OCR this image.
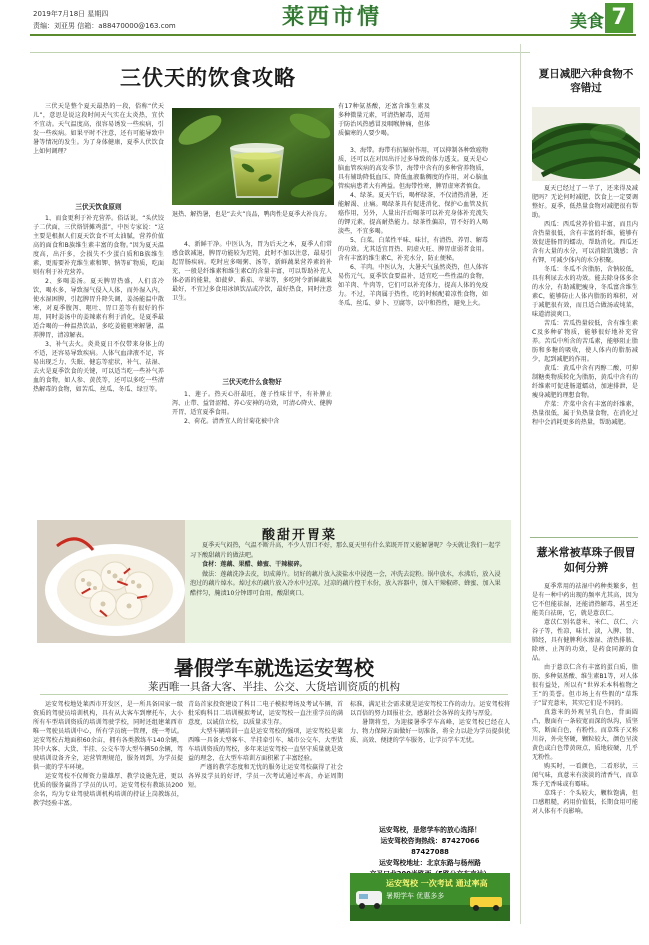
2019年7月18日 星期四
责编：刘亚男 信箱：a88470000@163.com	莱西市情	美食 7
三伏天的饮食攻略

三伏天是整个夏天最热的一段，俗称“伏天儿”，意思是说这段时间天气实在太炎热，宜伏不宜动。天气温度高，很容易诱发一些疾病，引发一些疾病。如果平时不注意，还有可能导致中暑等情况的发生。为了身体健康，夏季人伏饮食上如何调理？

有17种氨基酸，还富含维生素及多种微量元素，可清热解毒，适用于防治风热感冒及咽喉肿痛，但体质偏寒的人要少喝。

三伏天饮食原则

1、而食更利于补充营养。俗话说，“头伏饺子二伏面，三伏烙饼摊鸡蛋”，中医专家说：“这主要是根据人们夏天饮食不可太油腻，营养价值高的面食和B族维生素丰富的食物。”因为夏天温度高，出汗多，会损失不少蛋白质和B族维生素，更需要补充维生素和钾、钠等矿物质，吃面则有利于补充营养。

2、多喝姜汤。夏天脾胃热盛，人们喜冷饮，喝水多，导致湿气侵入人体，而外湿入内，使水湿困脾，引起脾胃升降失调，姜汤能温中散寒，对夏季腹泻、呕吐、胃口差等有很好的作用，同时姜汤中的姜辣素有利于消化，是夏季最适合喝的一种温热饮品，多吃姜能驱寒解暑，温养脾胃，清凉解表。

3、补气去火。炎炎夏日不仅带来身体上的不适，还容易导致疾病。人体气血津液不足，容易出现乏力、失眠、健忘等症状，补气、祛湿、去火是夏季饮食的关键，可以适当吃一些补气养血的食物，如人参、黄芪等，还可以多吃一些清热解毒的食物，如苦瓜、丝瓜、冬瓜、绿豆等。

退热、解热暑，也是“去火”良品，鸭肉性是夏季大补良方。

4、新鲜干净。中医认为，胃为后天之本，夏季人们常感食欲减退，脾胃功能较为迟钝，此时不加以注意，最易引起胃肠疾病。吃时应多喝粥、汤等，新鲜蔬果营养素的补充，一般是纤维素和维生素C的含量丰富，可以帮助补充人体必需的能量，如菠萝、番茄、苹果等，多吃时令新鲜蔬果最好，不宜过多食用冰镇饮品或冷饮，最好热食，同时注意卫生。

三伏天吃什么食物好

1、莲子。热天心肝最旺，莲子性味甘平，有补脾止泻、止带、益肾涩精、养心安神的功效，可清心降火、健脾开胃，适宜夏季食用。

2、荷花。清香宜人的甘菊花被中含

3、海带。海带有抗辐射作用，可以抑制各种致癌物质，还可以在对因出汗过多导致的体力透支。夏天是心脑血管疾病的高发季节，海带中含有的多种营养物质，具有辅助降低血压、降低血液黏稠度的作用，对心脑血管疾病患者大有裨益。但海带性寒，脾胃虚寒者慎食。

4、绿茶。夏天午后，喝杯绿茶，不仅清热消暑，还能解渴、止痛。喝绿茶具有促进消化、保护心血管及抗癌作用，另外，人量出汗后喝茶可以补充身体补充流失的钾元素，提高耐热能力。绿茶性偏凉，胃不好的人喝淡些，不宜多喝。

5、白菜。白菜性平味、味甘，有清热、养胃、解毒的功效。尤其适宜胃热、阴虚火旺、脾胃虚弱者食用。含有丰富的维生素C，补充水分，防止便秘。

6、羊肉。中医认为，大暑天气虽然炎热，但人体容易伤元气，夏季饮食要温补，适宜吃一些性温的食物，如羊肉、牛肉等，它们可以补充体力，提高人体的免疫力。不过，羊肉属于热性，吃的时候配着凉性食物，如冬瓜、丝瓜、萝卜、豆腐等，以中和热性，避免上火。

夏日减肥六种食物不容错过

夏天已经过了一半了，还来得及减肥吗？无论何时减肥，饮食上一定要调整好。夏季，低热量食物对减肥很有帮助。

西瓜：西瓜营养价值丰富，而且内含热量很低，含有丰富的纤维，能够有效促进肠胃的蠕动，帮助消化。西瓜还含有大量的水分，可以消除饥饿感；含有钾，可减少体内的水分积聚。

冬瓜：冬瓜不含脂肪，含钠较低，具有利尿去水的功效。能去除身体多余的水分，有助减肥瘦身，冬瓜富含维生素C，能够防止人体内脂肪的堆积，对于减肥很有效，而且适合做汤或炖菜，味道清淡爽口。

苦瓜：苦瓜热量较低，含有维生素C及多种矿物质，能够很好地补充营养。苦瓜中所含的苦瓜素，能够阻止脂肪和多糖的吸收，使人体内的脂肪减少，起到减肥的作用。

黄瓜：黄瓜中含有丙醇二酸，可抑制糖类物质转化为脂肪，黄瓜中含有的纤维素可促进肠道蠕动，加速排泄，是瘦身减肥的理想食物。

芹菜：芹菜中含有丰富的纤维素，热量很低，属于负热量食物，在消化过程中会消耗更多的热量，帮助减肥。

薏米常被草珠子假冒如何分辨

夏季常用的祛湿中药种类繁多，但是有一种中药出现的频率尤其高，因为它不但能祛湿，还能清热解毒，甚至还能美白祛斑，它，就是薏苡仁。

薏苡仁别名薏米、米仁、苡仁、六谷子等，性凉，味甘、淡，入脾、肾、肺经，具有健脾利水渗湿、清热排脓、除痹、止泻的功效，是药食同源的食品。

由于薏苡仁含有丰富的蛋白质，脂肪、多种氨基酸、维生素B1等，对人体很有益处，所以有“世界禾本科植物之王”的美誉。但市场上有些假的“草珠子”冒充薏米，其实它们是不同的。

真薏米的外观呈乳白色，背面圆凸，腹面有一条较宽而深的纵沟，质坚实，断面白色，有粉性。而草珠子又称川谷，外壳坚硬，颗粒较大，颜色呈淡黄色或白色带黄斑点，质地较硬，几乎无粉性。

购买时，一看颜色，二看形状，三闻气味，真薏米有淡淡的清香气，而草珠子无香味或有霉味。

草珠子：个头较大，颗粒饱满，但口感粗糙，药用价值低，长期食用可能对人体有不良影响。

酸甜开胃菜
夏季天气闷热，气温不断升高，不少人胃口不好，那么夏天里有什么菜既开胃又能解暑呢？今天就让我们一起学习下酸甜藕片的做法吧。
食材：莲藕、果醋、蜂蜜、干辣椒碎。
做法：莲藕洗净去皮，切成薄片。切好的藕片放入淡盐水中浸泡一会，冲洗去淀粉。锅中放水，水沸后，放入浸泡过的藕片焯水。焯过水的藕片放入冷水中过凉。过凉的藕片控干水份，放入容器中，加入干辣椒碎、蜂蜜、加入果醋拌匀，腌渍10分钟即可食用，酸甜爽口。
暑假学车就选运安驾校
莱西唯一具备大客、半挂、公交、大货培训资质的机构

运安驾校地处莱西市开发区，是一所具备国家一级资质的驾驶员培训机构，具有从大客车到摩托车，大小所有车型培训资质的培训驾驶学校，同时还组建莱西市唯一驾驶员培训中心，所有学员统一管理，统一考试。运安驾校占地面积60余亩，拥有各类教练车140余辆，其中大客、大货、半挂、公交车等大型车辆50余辆，驾驶培训设备齐全，运营管理规范，服务周到，为学员提供一流的学车环境。

运安驾校不仅师资力量雄厚、教学设施先进，更以优质的服务赢得了学员的认可。运安驾校有教练员200余名，均为专业驾驶培训机构培训的持证上岗教练员，教学经验丰富。

青岛首家投资建设了科目二电子模拟考场及考试车辆，首批采购科目二培训模拟考试，运安驾校一直注重学员的满意度，以诚信立校，以质量求生存。

大型车辆培训一直是运安驾校的强项，运安驾校是莱西唯一具备大型客车、半挂牵引车、城市公交车、大型货车培训资质的驾校，多年来运安驾校一直坚守质量就是效益的理念，在大型车培训方面积累了丰富经验。

严谨的教学态度和无忧的服务让运安驾校赢得了社会各界及学员的好评，学员一次考试通过率高，办证周期短。

标准，满足社会需求就是运安驾校工作的动力。运安驾校将以百倍的努力回报社会，感谢社会各界的支持与厚爱。

暑期将至，为迎接暑季学车高峰，运安驾校已经在人力、物力保障方面做好一切准备，将全力以赴为学员提供优质、高效、便捷的学车服务，让学员学车无忧。

运安驾校，是您学车的放心选择！
运安驾校咨询热线：87427066
87427088
运安驾校地址：北京东路与杨州路
运安驾校 一次考试 通过率高
暑期学车 优惠多多
